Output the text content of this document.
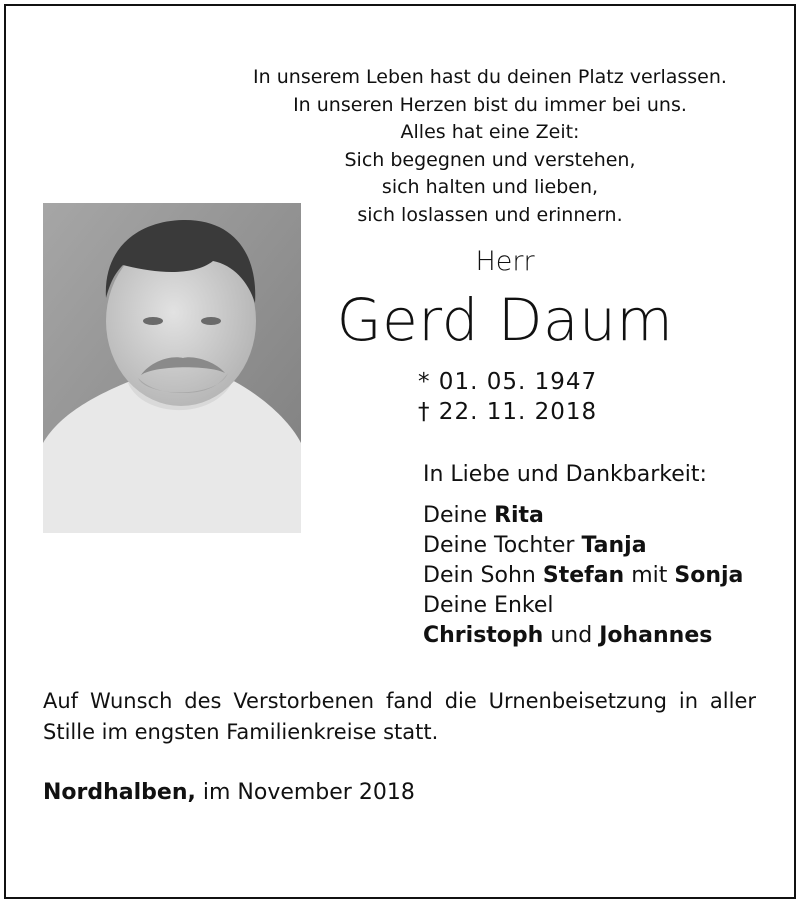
In unserem Leben hast du deinen Platz verlassen.
In unseren Herzen bist du immer bei uns.
Alles hat eine Zeit:
Sich begegnen und verstehen,
sich halten und lieben,
sich loslassen und erinnern.
Herr
Gerd Daum
* 01. 05. 1947
† 22. 11. 2018
In Liebe und Dankbarkeit:
Deine Rita
Deine Tochter Tanja
Dein Sohn Stefan mit Sonja
Deine Enkel
Christoph und Johannes
Auf Wunsch des Verstorbenen fand die Urnenbeisetzung in aller Stille im engsten Familienkreise statt.
Nordhalben, im November 2018
